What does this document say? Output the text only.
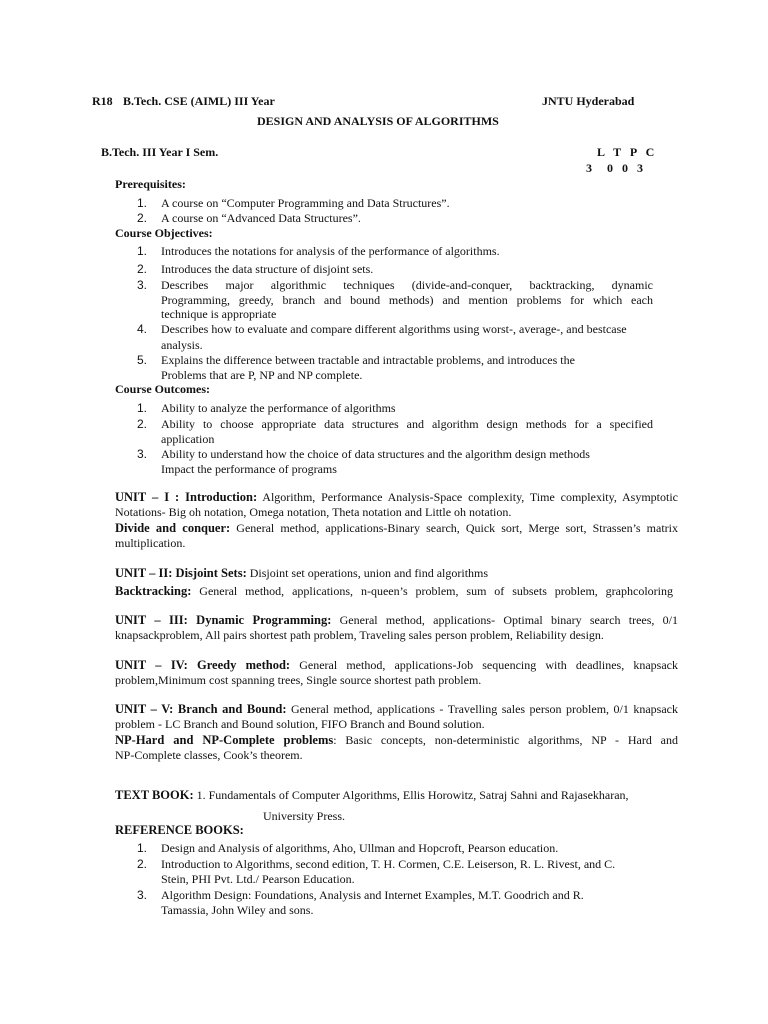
R18 B.Tech. CSE (AIML) III Year	JNTU Hyderabad
DESIGN AND ANALYSIS OF ALGORITHMS
B.Tech. III Year I Sem.	L   T   P   C
3     0   0   3
Prerequisites:
1. A course on “Computer Programming and Data Structures”.
2. A course on “Advanced Data Structures”.
Course Objectives:
1. Introduces the notations for analysis of the performance of algorithms.
2. Introduces the data structure of disjoint sets.
3. Describes major algorithmic techniques (divide-and-conquer, backtracking, dynamic
Programming, greedy, branch and bound methods) and mention problems for which each
technique is appropriate
4. Describes how to evaluate and compare different algorithms using worst-, average-, and bestcase
analysis.
5. Explains the difference between tractable and intractable problems, and introduces the
Problems that are P, NP and NP complete.
Course Outcomes:
1. Ability to analyze the performance of algorithms
2. Ability to choose appropriate data structures and algorithm design methods for a specified
application
3. Ability to understand how the choice of data structures and the algorithm design methods
Impact the performance of programs
UNIT – I : Introduction: Algorithm, Performance Analysis-Space complexity, Time complexity, Asymptotic
Notations- Big oh notation, Omega notation, Theta notation and Little oh notation.
Divide and conquer: General method, applications-Binary search, Quick sort, Merge sort, Strassen’s matrix
multiplication.
UNIT – II: Disjoint Sets: Disjoint set operations, union and find algorithms
Backtracking: General method, applications, n-queen’s problem, sum of subsets problem, graphcoloring
UNIT – III: Dynamic Programming: General method, applications- Optimal binary search trees, 0/1
knapsackproblem, All pairs shortest path problem, Traveling sales person problem, Reliability design.
UNIT – IV: Greedy method: General method, applications-Job sequencing with deadlines, knapsack
problem,Minimum cost spanning trees, Single source shortest path problem.
UNIT – V: Branch and Bound: General method, applications - Travelling sales person problem, 0/1 knapsack
problem - LC Branch and Bound solution, FIFO Branch and Bound solution.
NP-Hard and NP-Complete problems: Basic concepts, non-deterministic algorithms, NP - Hard and
NP-Complete classes, Cook’s theorem.
TEXT BOOK: 1. Fundamentals of Computer Algorithms, Ellis Horowitz, Satraj Sahni and Rajasekharan,
University Press.
REFERENCE BOOKS:
1. Design and Analysis of algorithms, Aho, Ullman and Hopcroft, Pearson education.
2. Introduction to Algorithms, second edition, T. H. Cormen, C.E. Leiserson, R. L. Rivest, and C.
Stein, PHI Pvt. Ltd./ Pearson Education.
3. Algorithm Design: Foundations, Analysis and Internet Examples, M.T. Goodrich and R.
Tamassia, John Wiley and sons.
